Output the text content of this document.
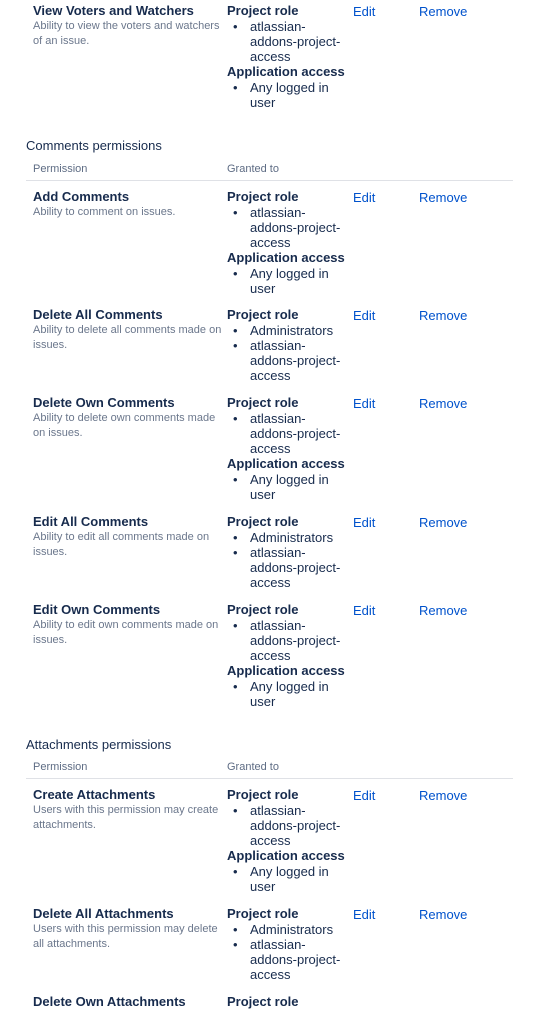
View Voters and Watchers
Ability to view the voters and watchers of an issue.
Project role
• atlassian-addons-project-access
Application access
• Any logged in user
Edit	Remove
Comments permissions
Permission	Granted to
Add Comments
Ability to comment on issues.
Project role
• atlassian-addons-project-access
Application access
• Any logged in user
Edit	Remove
Delete All Comments
Ability to delete all comments made on issues.
Project role
• Administrators
• atlassian-addons-project-access
Edit	Remove
Delete Own Comments
Ability to delete own comments made on issues.
Project role
• atlassian-addons-project-access
Application access
• Any logged in user
Edit	Remove
Edit All Comments
Ability to edit all comments made on issues.
Project role
• Administrators
• atlassian-addons-project-access
Edit	Remove
Edit Own Comments
Ability to edit own comments made on issues.
Project role
• atlassian-addons-project-access
Application access
• Any logged in user
Edit	Remove
Attachments permissions
Permission	Granted to
Create Attachments
Users with this permission may create attachments.
Project role
• atlassian-addons-project-access
Application access
• Any logged in user
Edit	Remove
Delete All Attachments
Users with this permission may delete all attachments.
Project role
• Administrators
• atlassian-addons-project-access
Edit	Remove
Delete Own Attachments	Project role
